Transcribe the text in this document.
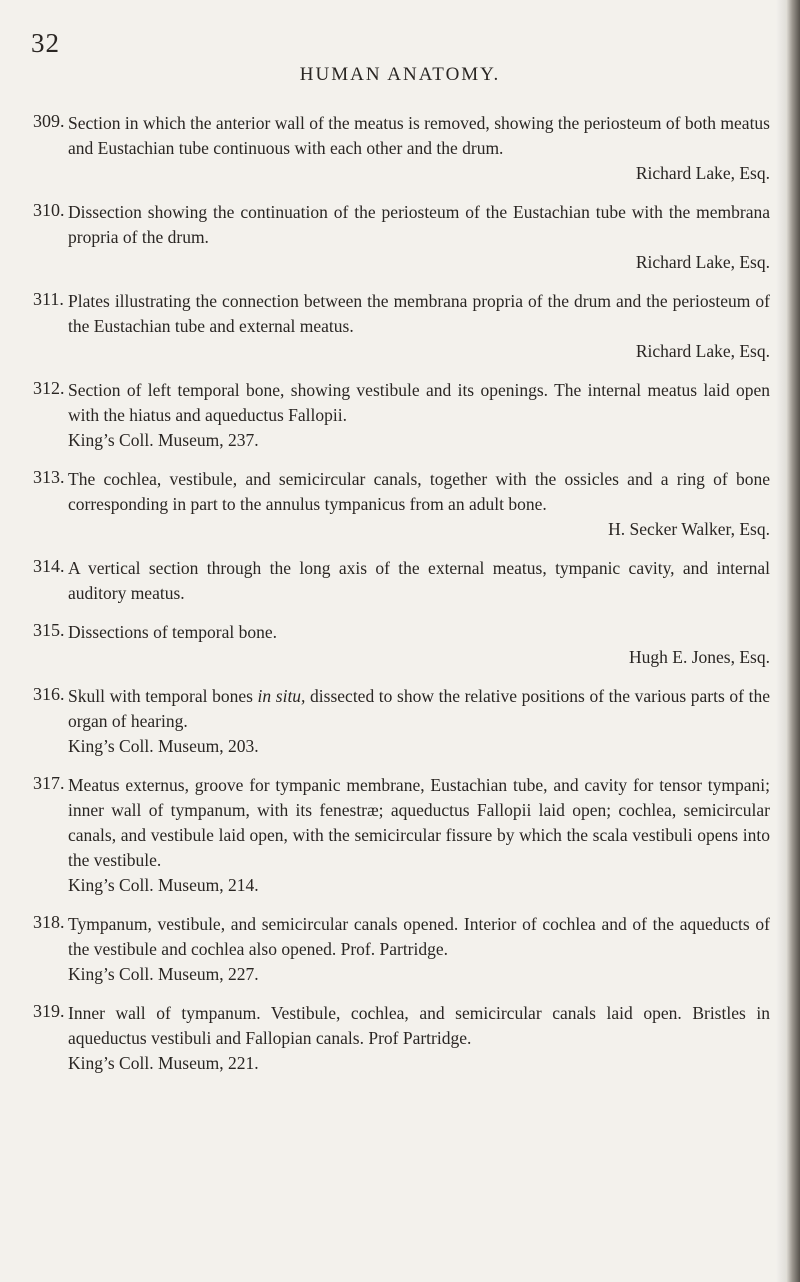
32
HUMAN ANATOMY.
309. Section in which the anterior wall of the meatus is removed, showing the periosteum of both meatus and Eustachian tube continuous with each other and the drum.
Richard Lake, Esq.
310. Dissection showing the continuation of the periosteum of the Eustachian tube with the membrana propria of the drum.
Richard Lake, Esq.
311. Plates illustrating the connection between the membrana propria of the drum and the periosteum of the Eustachian tube and external meatus.
Richard Lake, Esq.
312. Section of left temporal bone, showing vestibule and its openings. The internal meatus laid open with the hiatus and aqueductus Fallopii.
King’s Coll. Museum, 237.
313. The cochlea, vestibule, and semicircular canals, together with the ossicles and a ring of bone corresponding in part to the annulus tympanicus from an adult bone.
H. Secker Walker, Esq.
314. A vertical section through the long axis of the external meatus, tympanic cavity, and internal auditory meatus.
315. Dissections of temporal bone.
Hugh E. Jones, Esq.
316. Skull with temporal bones in situ, dissected to show the relative positions of the various parts of the organ of hearing.
King’s Coll. Museum, 203.
317. Meatus externus, groove for tympanic membrane, Eustachian tube, and cavity for tensor tympani; inner wall of tympanum, with its fenestræ; aqueductus Fallopii laid open; cochlea, semicircular canals, and vestibule laid open, with the semicircular fissure by which the scala vestibuli opens into the vestibule.
King’s Coll. Museum, 214.
318. Tympanum, vestibule, and semicircular canals opened. Interior of cochlea and of the aqueducts of the vestibule and cochlea also opened. Prof. Partridge.
King’s Coll. Museum, 227.
319. Inner wall of tympanum. Vestibule, cochlea, and semicircular canals laid open. Bristles in aqueductus vestibuli and Fallopian canals. Prof Partridge.
King’s Coll. Museum, 221.
